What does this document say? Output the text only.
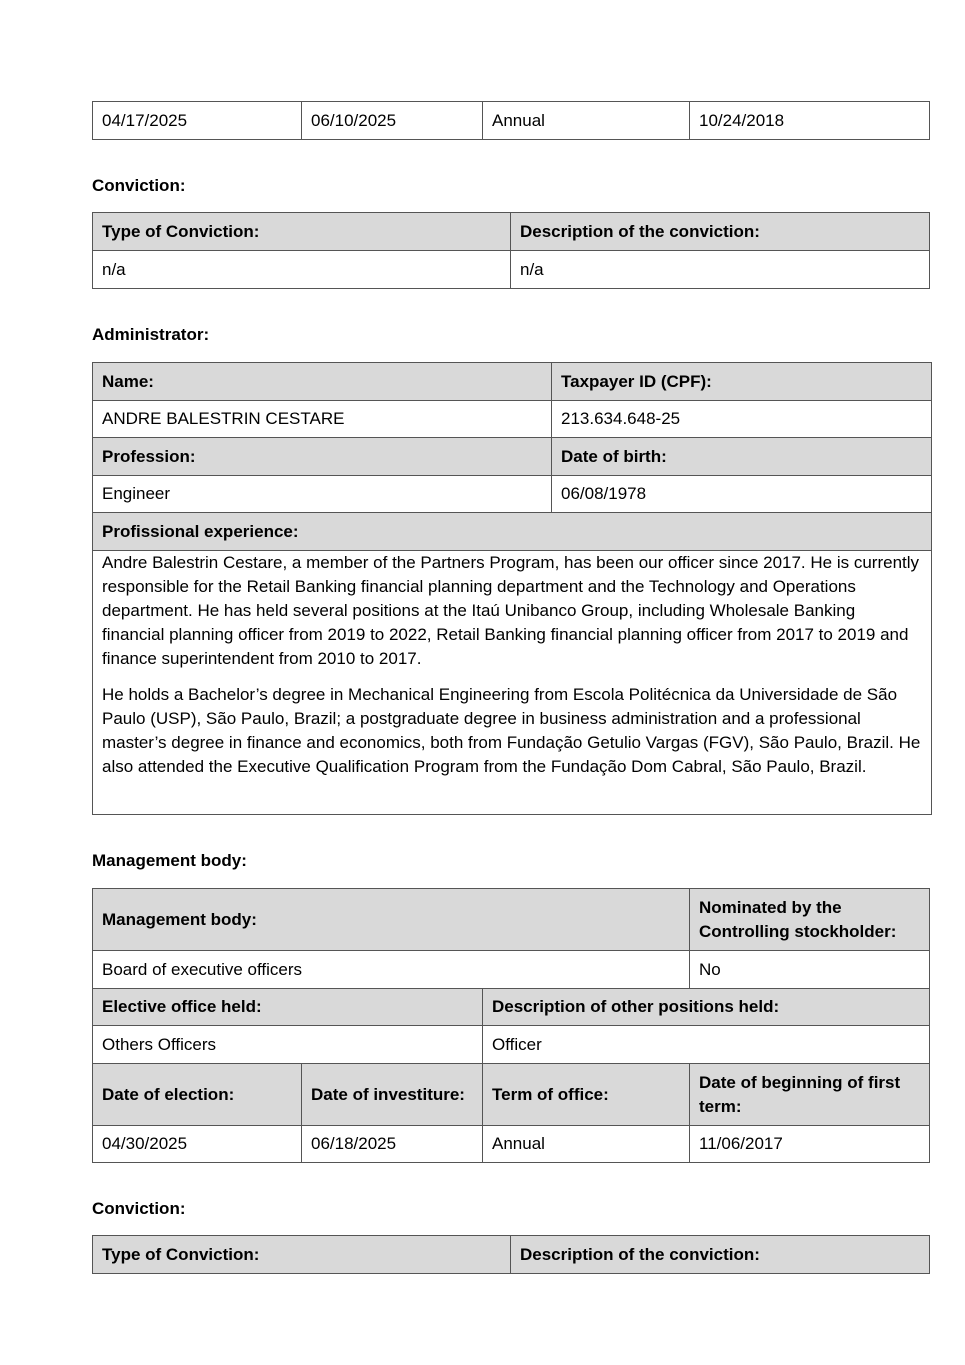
04/17/2025	06/10/2025	Annual	10/24/2018
Conviction:
Type of Conviction:	Description of the conviction:
n/a	n/a
Administrator:
Name:	Taxpayer ID (CPF):
ANDRE BALESTRIN CESTARE	213.634.648-25
Profession:	Date of birth:
Engineer	06/08/1978
Profissional experience:	

Andre Balestrin Cestare, a member of the Partners Program, has been our officer since 2017. He is currently responsible for the Retail Banking financial planning department and the Technology and Operations department. He has held several positions at the Itaú Unibanco Group, including Wholesale Banking financial planning officer from 2019 to 2022, Retail Banking financial planning officer from 2017 to 2019 and finance superintendent from 2010 to 2017.

He holds a Bachelor’s degree in Mechanical Engineering from Escola Politécnica da Universidade de São Paulo (USP), São Paulo, Brazil; a postgraduate degree in business administration and a professional master’s degree in finance and economics, both from Fundação Getulio Vargas (FGV), São Paulo, Brazil. He also attended the Executive Qualification Program from the Fundação Dom Cabral, São Paulo, Brazil.	

Management body:
Management body:			Nominated by the Controlling stockholder:
Board of executive officers			No
Elective office held:		Description of other positions held:	
Others Officers		Officer	
Date of election:	Date of investiture:	Term of office:	Date of beginning of first term:
04/30/2025	06/18/2025	Annual	11/06/2017
Conviction:
Type of Conviction:	Description of the conviction:
